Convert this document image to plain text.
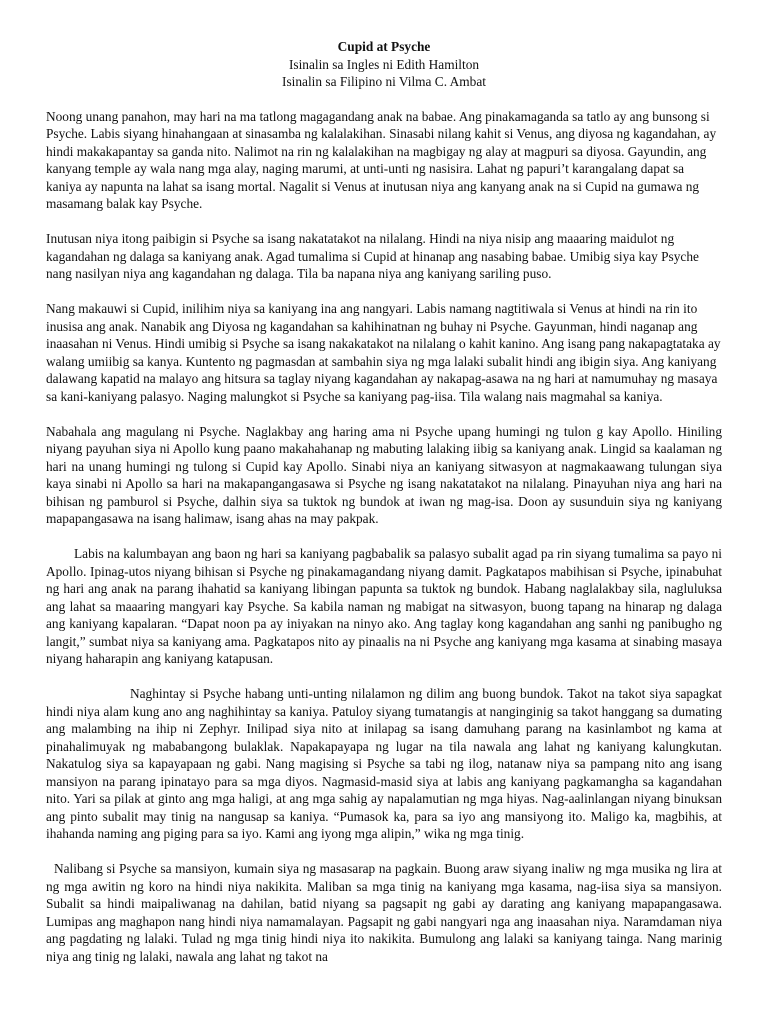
Cupid at Psyche
Isinalin sa Ingles ni Edith Hamilton
Isinalin sa Filipino ni Vilma C. Ambat

Noong unang panahon, may hari na ma tatlong magagandang anak na babae. Ang pinakamaganda sa tatlo ay ang bunsong si Psyche. Labis siyang hinahangaan at sinasamba ng kalalakihan. Sinasabi nilang kahit si Venus, ang diyosa ng kagandahan, ay hindi makakapantay sa ganda nito. Nalimot na rin ng kalalakihan na magbigay ng alay at magpuri sa diyosa. Gayundin, ang kanyang temple ay wala nang mga alay, naging marumi, at unti-unti ng nasisira. Lahat ng papuri’t karangalang dapat sa kaniya ay napunta na lahat sa isang mortal. Nagalit si Venus at inutusan niya ang kanyang anak na si Cupid na gumawa ng masamang balak kay Psyche.

Inutusan niya itong paibigin si Psyche sa isang nakatatakot na nilalang. Hindi na niya nisip ang maaaring maidulot ng kagandahan ng dalaga sa kaniyang anak. Agad tumalima si Cupid at hinanap ang nasabing babae. Umibig siya kay Psyche nang nasilyan niya ang kagandahan ng dalaga. Tila ba napana niya ang kaniyang sariling puso.

Nang makauwi si Cupid, inilihim niya sa kaniyang ina ang nangyari. Labis namang nagtitiwala si Venus at hindi na rin ito inusisa ang anak. Nanabik ang Diyosa ng kagandahan sa kahihinatnan ng buhay ni Psyche. Gayunman, hindi naganap ang inaasahan ni Venus. Hindi umibig si Psyche sa isang nakakatakot na nilalang o kahit kanino. Ang isang pang nakapagtataka ay walang umiibig sa kanya. Kuntento ng pagmasdan at sambahin siya ng mga lalaki subalit hindi ang ibigin siya. Ang kaniyang dalawang kapatid na malayo ang hitsura sa taglay niyang kagandahan ay nakapag-asawa na ng hari at namumuhay ng masaya sa kani-kaniyang palasyo. Naging malungkot si Psyche sa kaniyang pag-iisa. Tila walang nais magmahal sa kaniya.

Nabahala ang magulang ni Psyche. Naglakbay ang haring ama ni Psyche upang humingi ng tulon g kay Apollo. Hiniling niyang payuhan siya ni Apollo kung paano makahahanap ng mabuting lalaking iibig sa kaniyang anak. Lingid sa kaalaman ng hari na unang humingi ng tulong si Cupid kay Apollo. Sinabi niya an kaniyang sitwasyon at nagmakaawang tulungan siya kaya sinabi ni Apollo sa hari na makapangangasawa si Psyche ng isang nakatatakot na nilalang. Pinayuhan niya ang hari na bihisan ng pamburol si Psyche, dalhin siya sa tuktok ng bundok at iwan ng mag-isa. Doon ay susunduin siya ng kaniyang mapapangasawa na isang halimaw, isang ahas na may pakpak.

Labis na kalumbayan ang baon ng hari sa kaniyang pagbabalik sa palasyo subalit agad pa rin siyang tumalima sa payo ni Apollo. Ipinag-utos niyang bihisan si Psyche ng pinakamagandang niyang damit. Pagkatapos mabihisan si Psyche, ipinabuhat ng hari ang anak na parang ihahatid sa kaniyang libingan papunta sa tuktok ng bundok. Habang naglalakbay sila, nagluluksa ang lahat sa maaaring mangyari kay Psyche. Sa kabila naman ng mabigat na sitwasyon, buong tapang na hinarap ng dalaga ang kaniyang kapalaran. “Dapat noon pa ay iniyakan na ninyo ako. Ang taglay kong kagandahan ang sanhi ng panibugho ng langit,” sumbat niya sa kaniyang ama. Pagkatapos nito ay pinaalis na ni Psyche ang kaniyang mga kasama at sinabing masaya niyang haharapin ang kaniyang katapusan.

Naghintay si Psyche habang unti-unting nilalamon ng dilim ang buong bundok. Takot na takot siya sapagkat hindi niya alam kung ano ang naghihintay sa kaniya. Patuloy siyang tumatangis at nanginginig sa takot hanggang sa dumating ang malambing na ihip ni Zephyr. Inilipad siya nito at inilapag sa isang damuhang parang na kasinlambot ng kama at pinahalimuyak ng mababangong bulaklak. Napakapayapa ng lugar na tila nawala ang lahat ng kaniyang kalungkutan. Nakatulog siya sa kapayapaan ng gabi. Nang magising si Psyche sa tabi ng ilog, natanaw niya sa pampang nito ang isang mansiyon na parang ipinatayo para sa mga diyos. Nagmasid-masid siya at labis ang kaniyang pagkamangha sa kagandahan nito. Yari sa pilak at ginto ang mga haligi, at ang mga sahig ay napalamutian ng mga hiyas. Nag-aalinlangan niyang binuksan ang pinto subalit may tinig na nangusap sa kaniya. “Pumasok ka, para sa iyo ang mansiyong ito. Maligo ka, magbihis, at ihahanda naming ang piging para sa iyo. Kami ang iyong mga alipin,” wika ng mga tinig.

Nalibang si Psyche sa mansiyon, kumain siya ng masasarap na pagkain. Buong araw siyang inaliw ng mga musika ng lira at ng mga awitin ng koro na hindi niya nakikita. Maliban sa mga tinig na kaniyang mga kasama, nag-iisa siya sa mansiyon. Subalit sa hindi maipaliwanag na dahilan, batid niyang sa pagsapit ng gabi ay darating ang kaniyang mapapangasawa. Lumipas ang maghapon nang hindi niya namamalayan. Pagsapit ng gabi nangyari nga ang inaasahan niya. Naramdaman niya ang pagdating ng lalaki. Tulad ng mga tinig hindi niya ito nakikita. Bumulong ang lalaki sa kaniyang tainga. Nang marinig niya ang tinig ng lalaki, nawala ang lahat ng takot na
